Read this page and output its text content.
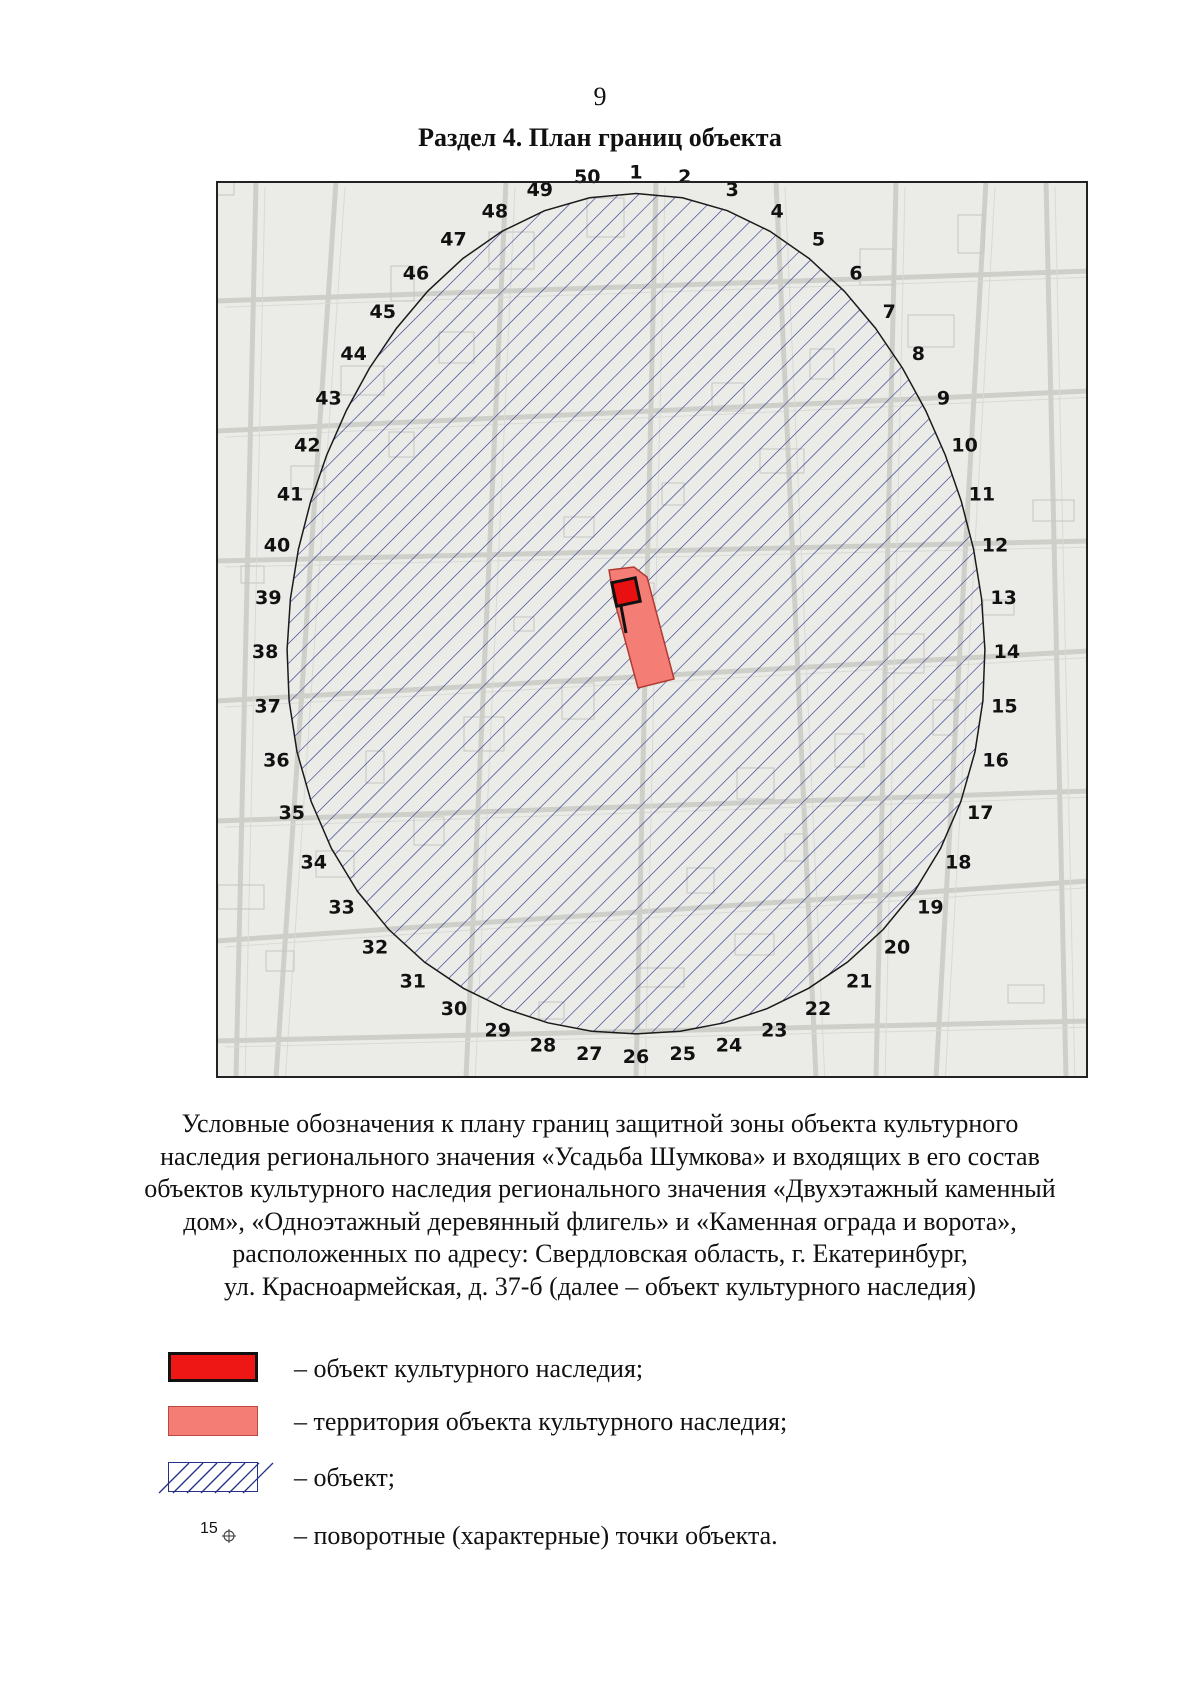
9
Раздел 4. План границ объекта
1 2
3
4
5
6
7
8
9
10
11
12
13
14
15
16
17
18
19
20
21
22
23
24
25
26
27
28
29
30
31
32
33
34
35
36
37
38
39
40
41
42
43
44
45
46
47
48
49
50
Условные обозначения к плану границ защитной зоны объекта культурного
наследия регионального значения «Усадьба Шумкова» и входящих в его состав
объектов культурного наследия регионального значения «Двухэтажный каменный
дом», «Одноэтажный деревянный флигель» и «Каменная ограда и ворота»,
расположенных по адресу: Свердловская область, г. Екатеринбург,
ул. Красноармейская, д. 37-б (далее – объект культурного наследия)
– объект культурного наследия;
– территория объекта культурного наследия;
– объект;
15	– поворотные (характерные) точки объекта.
